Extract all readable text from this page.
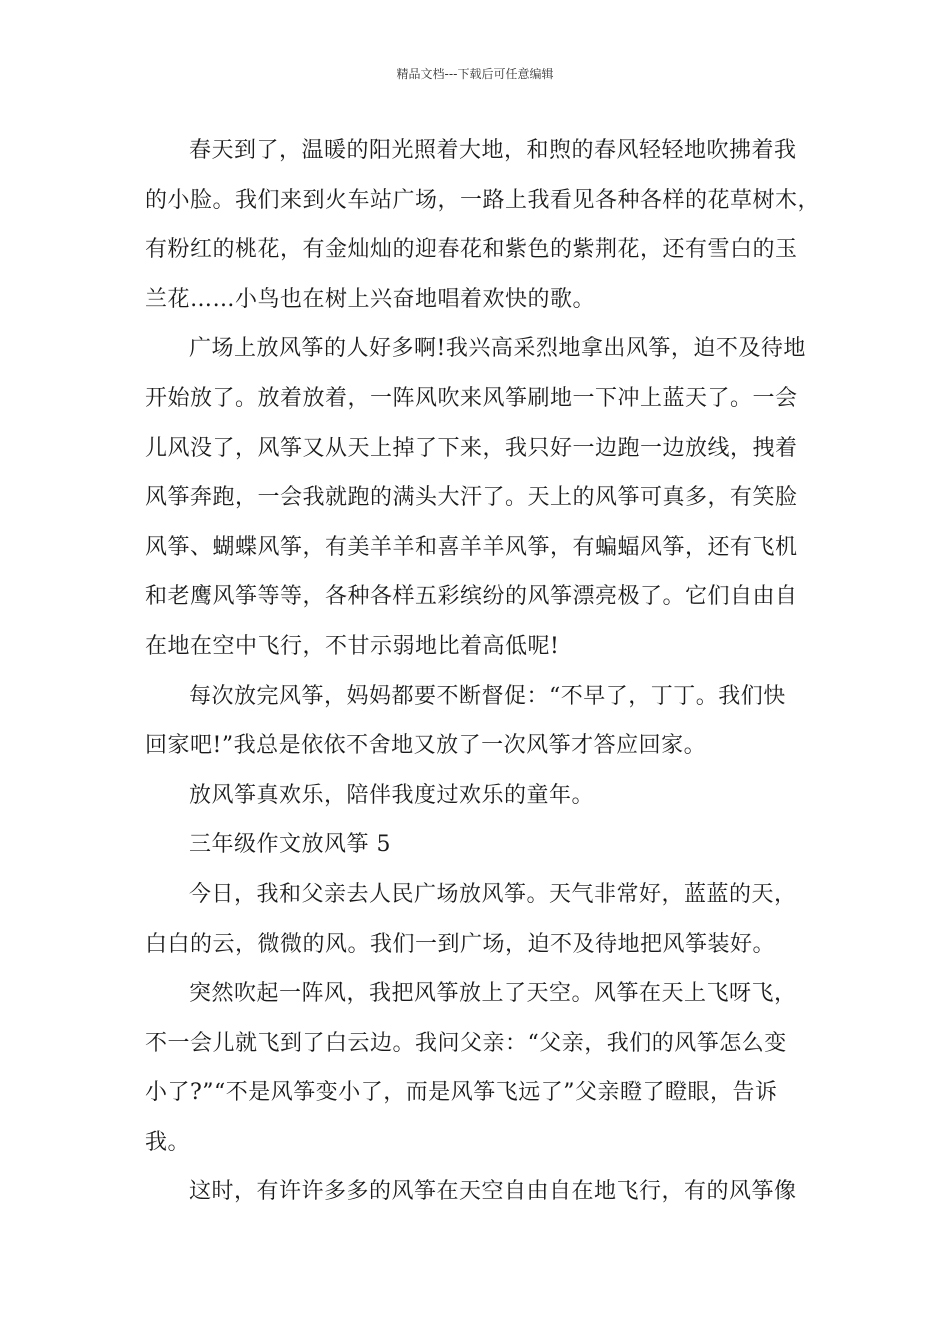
精品文档---下载后可任意编辑
春天到了，温暖的阳光照着大地，和煦的春风轻轻地吹拂着我
的小脸。我们来到火车站广场，一路上我看见各种各样的花草树木，
有粉红的桃花，有金灿灿的迎春花和紫色的紫荆花，还有雪白的玉
兰花……小鸟也在树上兴奋地唱着欢快的歌。
广场上放风筝的人好多啊!我兴高采烈地拿出风筝，迫不及待地
开始放了。放着放着，一阵风吹来风筝刷地一下冲上蓝天了。一会
儿风没了，风筝又从天上掉了下来，我只好一边跑一边放线，拽着
风筝奔跑，一会我就跑的满头大汗了。天上的风筝可真多，有笑脸
风筝、蝴蝶风筝，有美羊羊和喜羊羊风筝，有蝙蝠风筝，还有飞机
和老鹰风筝等等，各种各样五彩缤纷的风筝漂亮极了。它们自由自
在地在空中飞行，不甘示弱地比着高低呢!
每次放完风筝，妈妈都要不断督促：“不早了，丁丁。我们快
回家吧!”我总是依依不舍地又放了一次风筝才答应回家。
放风筝真欢乐，陪伴我度过欢乐的童年。
三年级作文放风筝 5
今日，我和父亲去人民广场放风筝。天气非常好，蓝蓝的天，
白白的云，微微的风。我们一到广场，迫不及待地把风筝装好。
突然吹起一阵风，我把风筝放上了天空。风筝在天上飞呀飞，
不一会儿就飞到了白云边。我问父亲：“父亲，我们的风筝怎么变
小了?”“不是风筝变小了，而是风筝飞远了”父亲瞪了瞪眼，告诉
我。
这时，有许许多多的风筝在天空自由自在地飞行，有的风筝像
